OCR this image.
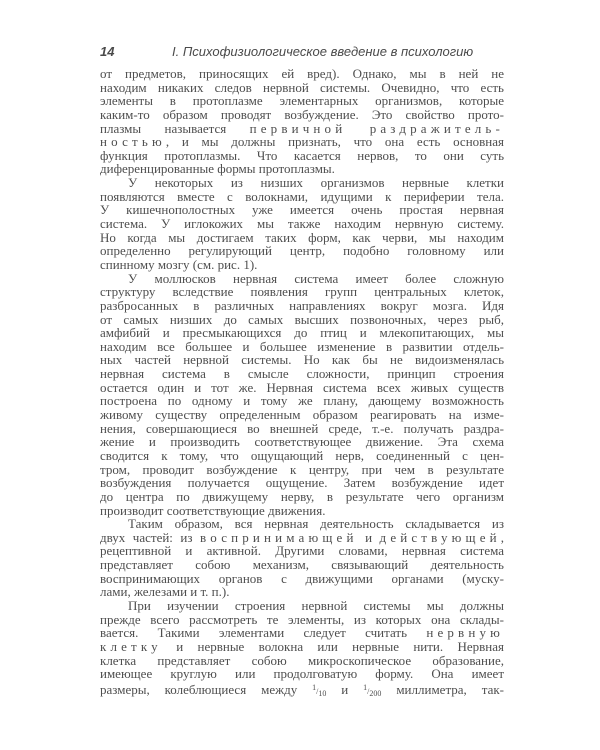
14	I. Психофизиологическое введение в психологию
от предметов, приносящих ей вред). Однако, мы в ней не
находим никаких следов нервной системы. Очевидно, что есть
элементы в протоплазме элементарных организмов, которые
каким-то образом проводят возбуждение. Это свойство прото-
плазмы называется первичной раздражитель-
ностью, и мы должны признать, что она есть основная
функция протоплазмы. Что касается нервов, то они суть
диференцированные формы протоплазмы.
У некоторых из низших организмов нервные клетки
появляются вместе с волокнами, идущими к периферии тела.
У кишечнополостных уже имеется очень простая нервная
система. У иглокожих мы также находим нервную систему.
Но когда мы достигаем таких форм, как черви, мы находим
определенно регулирующий центр, подобно головному или
спинному мозгу (см. рис. 1).
У моллюсков нервная система имеет более сложную
структуру вследствие появления групп центральных клеток,
разбросанных в различных направлениях вокруг мозга. Идя
от самых низших до самых высших позвоночных, через рыб,
амфибий и пресмыкающихся до птиц и млекопитающих, мы
находим все большее и большее изменение в развитии отдель-
ных частей нервной системы. Но как бы не видоизменялась
нервная система в смысле сложности, принцип строения
остается один и тот же. Нервная система всех живых существ
построена по одному и тому же плану, дающему возможность
живому существу определенным образом реагировать на изме-
нения, совершающиеся во внешней среде, т.-е. получать раздра-
жение и производить соответствующее движение. Эта схема
сводится к тому, что ощущающий нерв, соединенный с цен-
тром, проводит возбуждение к центру, при чем в результате
возбуждения получается ощущение. Затем возбуждение идет
до центра по движущему нерву, в результате чего организм
производит соответствующие движения.
Таким образом, вся нервная деятельность складывается из
двух частей: из воспринимающей и действующей,
рецептивной и активной. Другими словами, нервная система
представляет собою механизм, связывающий деятельность
воспринимающих органов с движущими органами (муску-
лами, железами и т. п.).
При изучении строения нервной системы мы должны
прежде всего рассмотреть те элементы, из которых она склады-
вается. Такими элементами следует считать нервную
клетку и нервные волокна или нервные нити. Нервная
клетка представляет собою микроскопическое образование,
имеющее круглую или продолговатую форму. Она имеет
размеры, колеблющиеся между 1/10 и 1/200 миллиметра, так-
